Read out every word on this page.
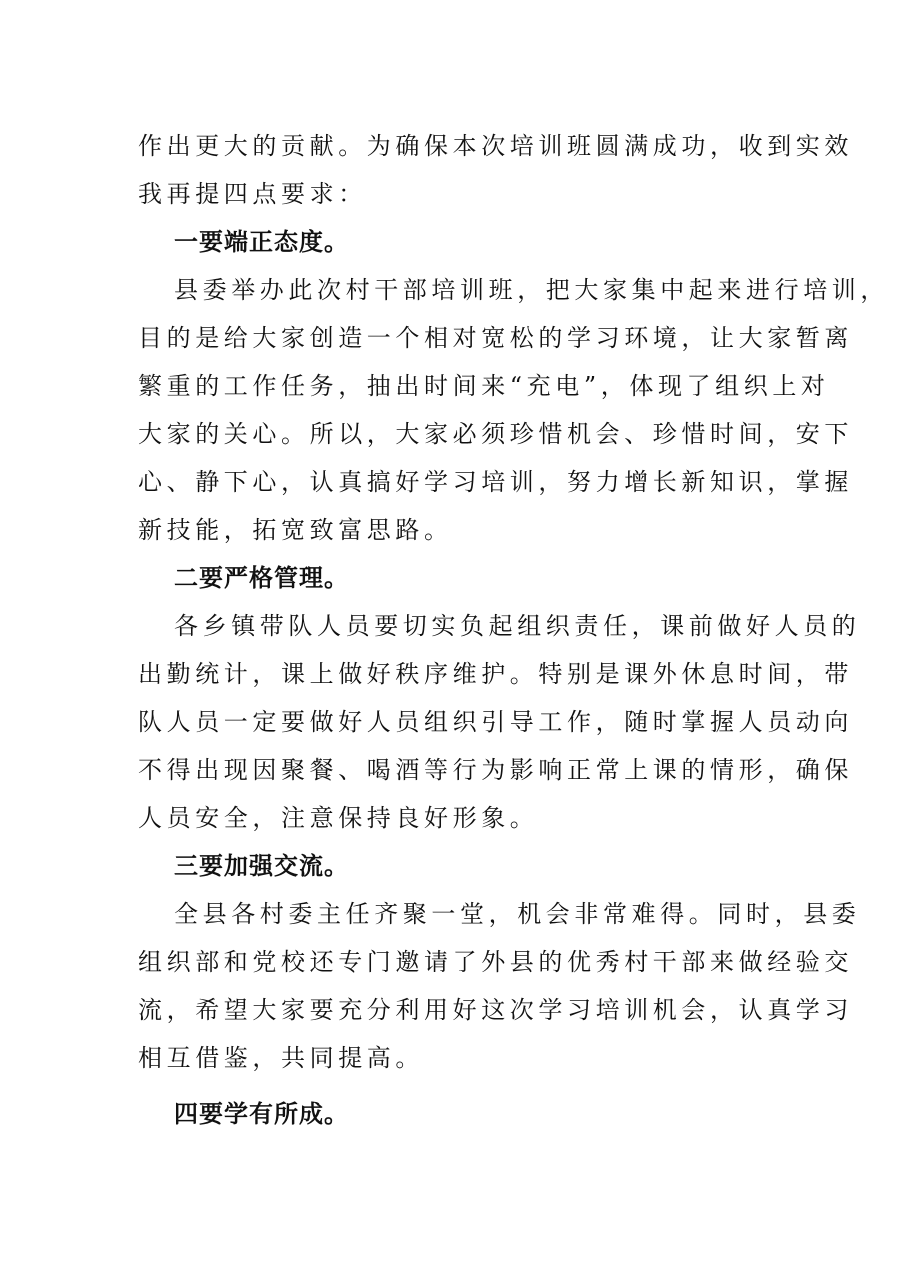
作出更大的贡献。为确保本次培训班圆满成功，收到实效
我再提四点要求：
一要端正态度。
县委举办此次村干部培训班，把大家集中起来进行培训，
目的是给大家创造一个相对宽松的学习环境，让大家暂离
繁重的工作任务，抽出时间来“充电”，体现了组织上对
大家的关心。所以，大家必须珍惜机会、珍惜时间，安下
心、静下心，认真搞好学习培训，努力增长新知识，掌握
新技能，拓宽致富思路。
二要严格管理。
各乡镇带队人员要切实负起组织责任，课前做好人员的
出勤统计，课上做好秩序维护。特别是课外休息时间，带
队人员一定要做好人员组织引导工作，随时掌握人员动向
不得出现因聚餐、喝酒等行为影响正常上课的情形，确保
人员安全，注意保持良好形象。
三要加强交流。
全县各村委主任齐聚一堂，机会非常难得。同时，县委
组织部和党校还专门邀请了外县的优秀村干部来做经验交
流，希望大家要充分利用好这次学习培训机会，认真学习
相互借鉴，共同提高。
四要学有所成。
